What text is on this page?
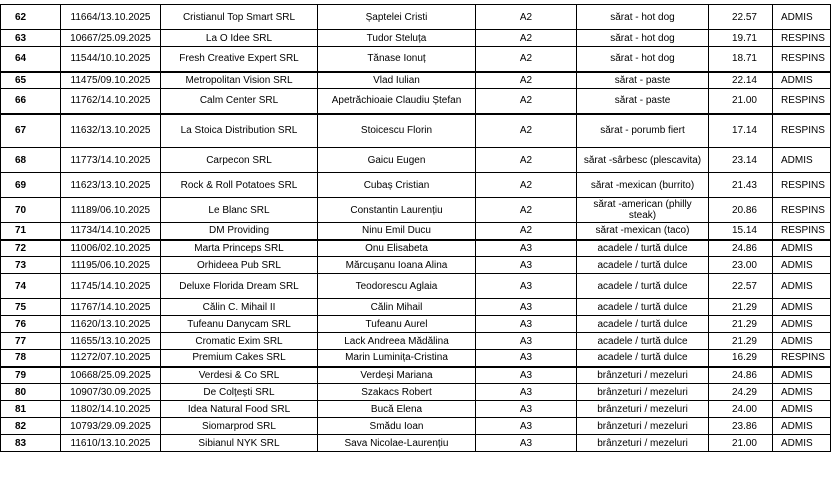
62	11664/13.10.2025	Cristianul Top Smart SRL	Șaptelei Cristi	A2	sărat - hot dog	22.57	ADMIS
63	10667/25.09.2025	La O Idee SRL	Tudor Steluța	A2	sărat - hot dog	19.71	RESPINS
64	11544/10.10.2025	Fresh Creative Expert SRL	Tănase Ionuț	A2	sărat - hot dog	18.71	RESPINS
65	11475/09.10.2025	Metropolitan Vision SRL	Vlad Iulian	A2	sărat - paste	22.14	ADMIS
66	11762/14.10.2025	Calm Center SRL	Apetrăchioaie Claudiu Ștefan	A2	sărat - paste	21.00	RESPINS
67	11632/13.10.2025	La Stoica Distribution SRL	Stoicescu Florin	A2	sărat - porumb fiert	17.14	RESPINS
68	11773/14.10.2025	Carpecon SRL	Gaicu Eugen	A2	sărat -sârbesc (plescavita)	23.14	ADMIS
69	11623/13.10.2025	Rock & Roll Potatoes SRL	Cubaș Cristian	A2	sărat -mexican (burrito)	21.43	RESPINS
70	11189/06.10.2025	Le Blanc SRL	Constantin Laurențiu	A2	sărat -american (philly steak)	20.86	RESPINS
71	11734/14.10.2025	DM Providing	Ninu Emil Ducu	A2	sărat -mexican (taco)	15.14	RESPINS
72	11006/02.10.2025	Marta Princeps SRL	Onu Elisabeta	A3	acadele / turtă dulce	24.86	ADMIS
73	11195/06.10.2025	Orhideea Pub SRL	Mărcușanu Ioana Alina	A3	acadele / turtă dulce	23.00	ADMIS
74	11745/14.10.2025	Deluxe Florida Dream SRL	Teodorescu Aglaia	A3	acadele / turtă dulce	22.57	ADMIS
75	11767/14.10.2025	Călin C. Mihail II	Călin Mihail	A3	acadele / turtă dulce	21.29	ADMIS
76	11620/13.10.2025	Tufeanu Danycam SRL	Tufeanu Aurel	A3	acadele / turtă dulce	21.29	ADMIS
77	11655/13.10.2025	Cromatic Exim SRL	Lack Andreea Mădălina	A3	acadele / turtă dulce	21.29	ADMIS
78	11272/07.10.2025	Premium Cakes SRL	Marin Luminița-Cristina	A3	acadele / turtă dulce	16.29	RESPINS
79	10668/25.09.2025	Verdesi & Co SRL	Verdeși Mariana	A3	brânzeturi / mezeluri	24.86	ADMIS
80	10907/30.09.2025	De Colțești SRL	Szakacs Robert	A3	brânzeturi / mezeluri	24.29	ADMIS
81	11802/14.10.2025	Idea Natural Food SRL	Bucă Elena	A3	brânzeturi / mezeluri	24.00	ADMIS
82	10793/29.09.2025	Siomarprod SRL	Smădu Ioan	A3	brânzeturi / mezeluri	23.86	ADMIS
83	11610/13.10.2025	Sibianul NYK SRL	Sava Nicolae-Laurențiu	A3	brânzeturi / mezeluri	21.00	ADMIS
